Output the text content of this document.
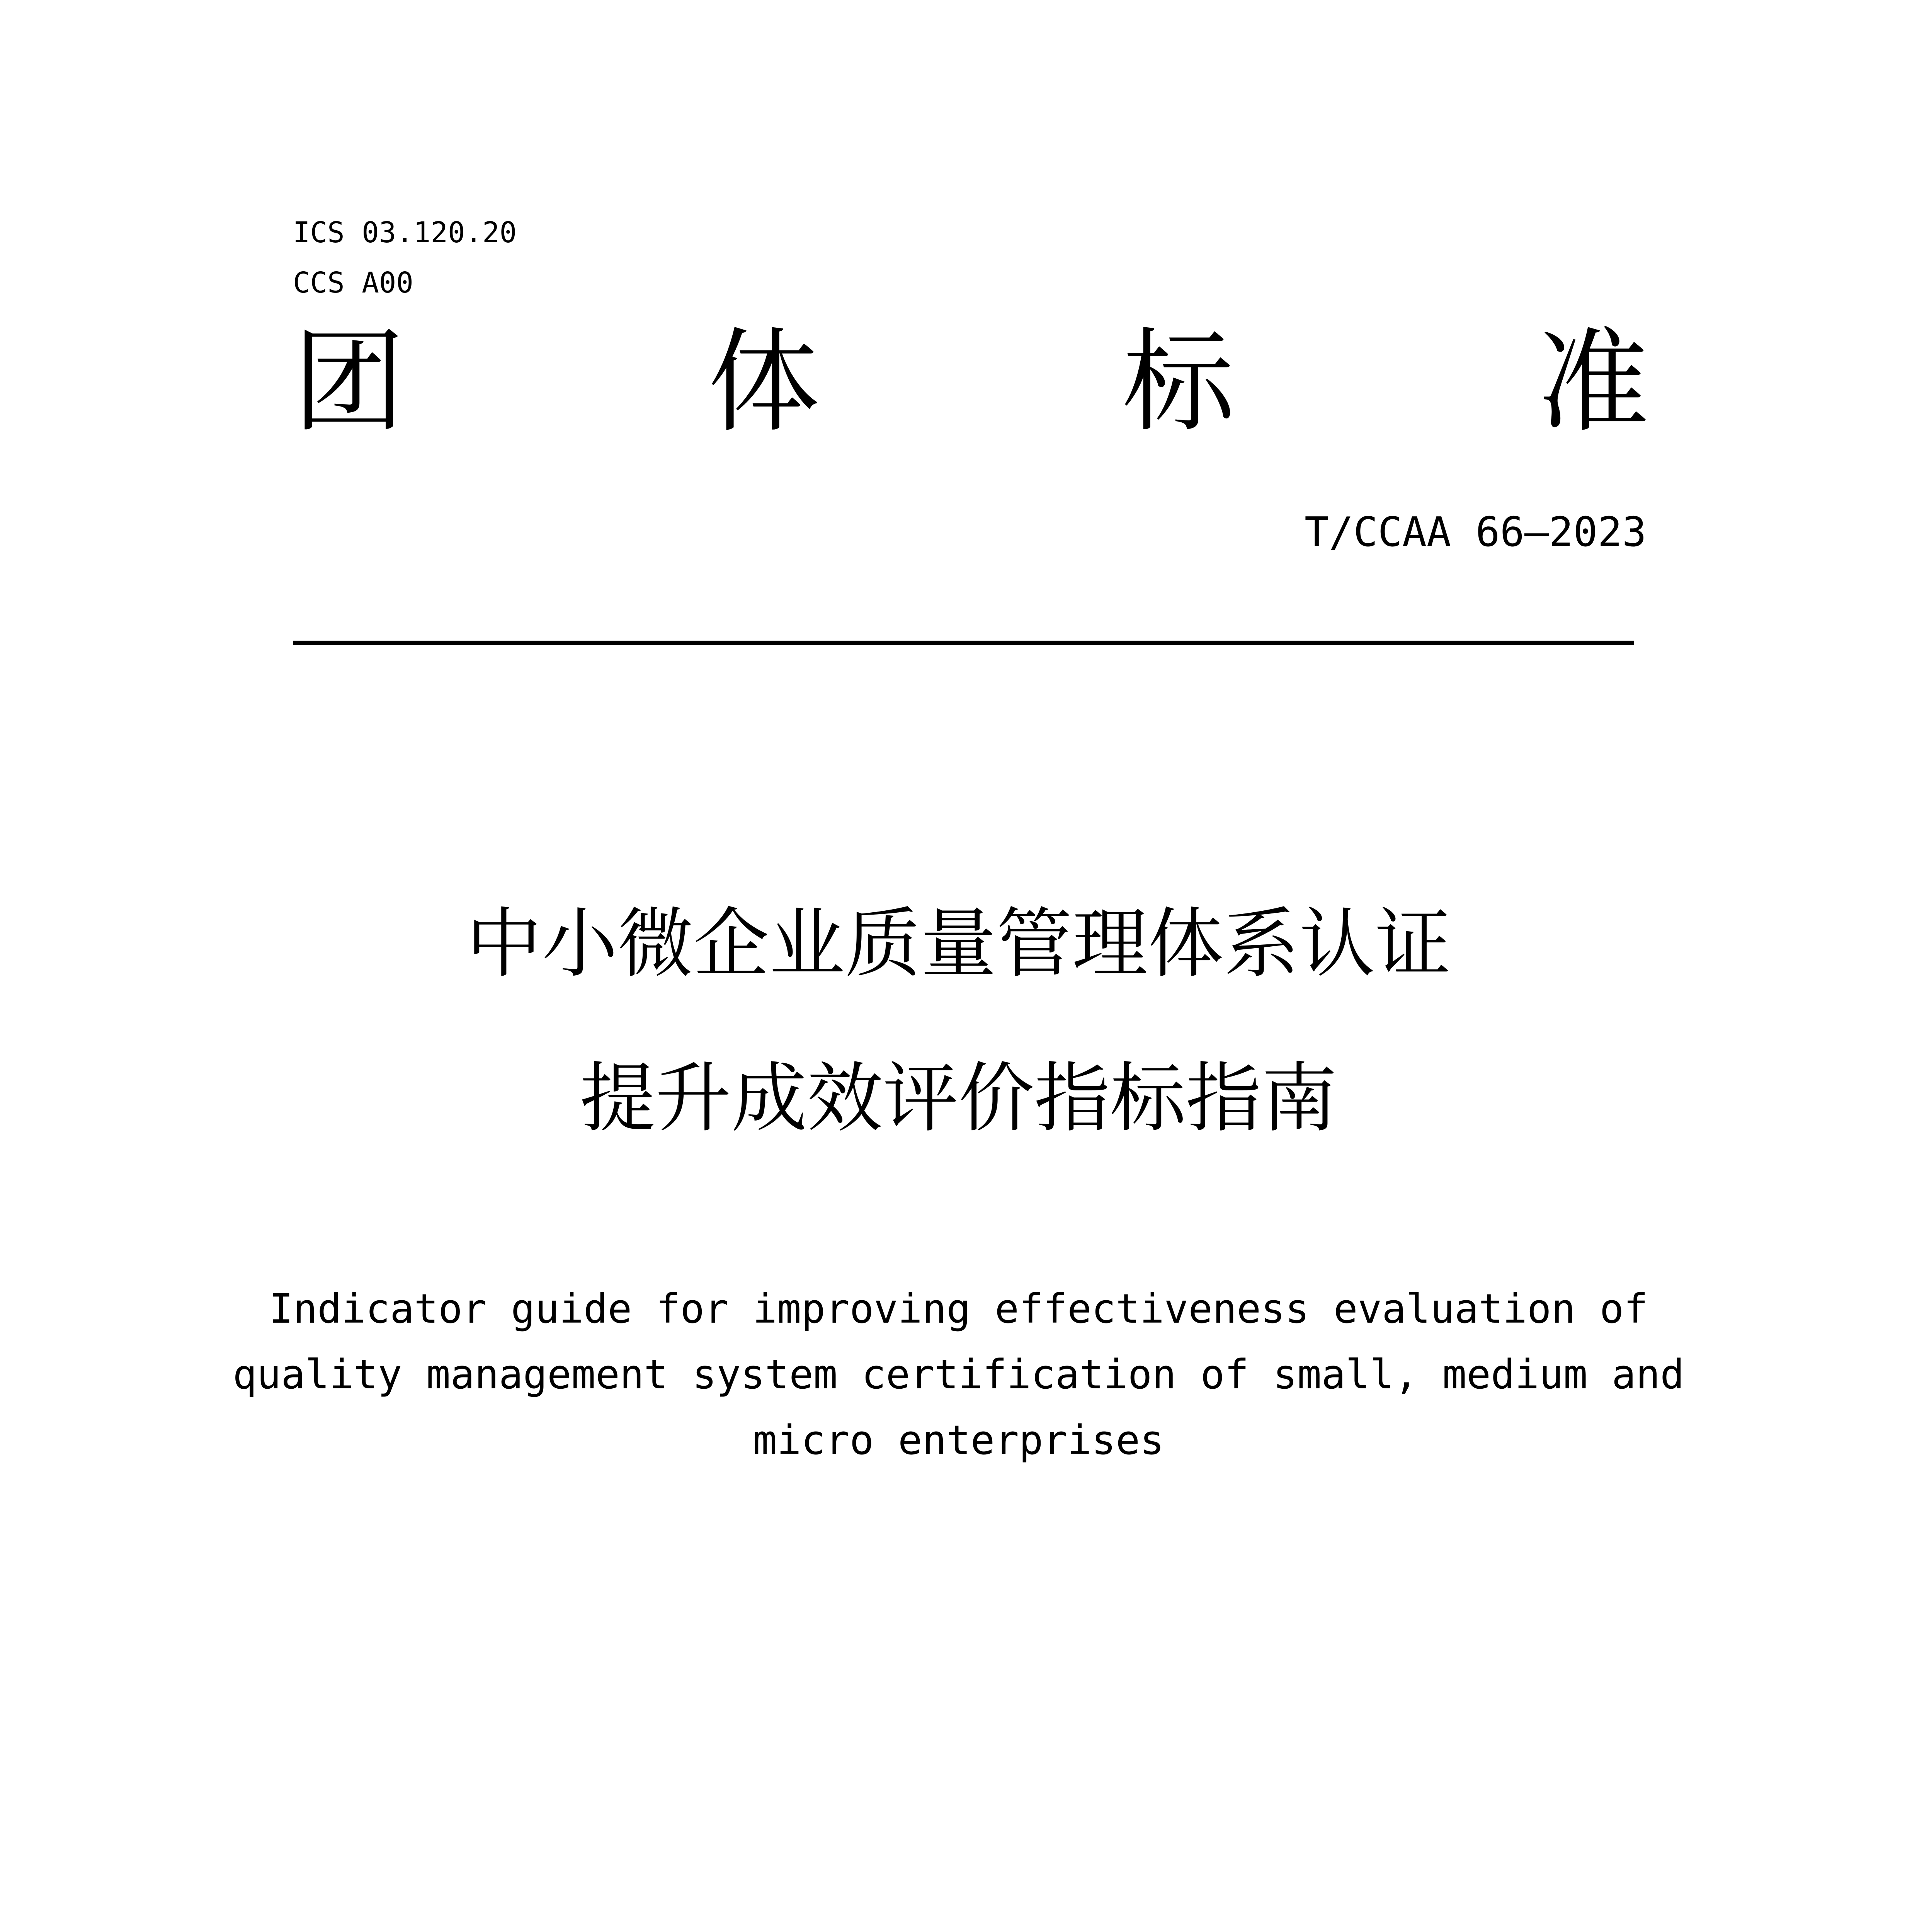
ICS 03.120.20
CCS A00
团	体	标	准
T/CCAA 66—2023
中小微企业质量管理体系认证
提升成效评价指标指南
Indicator guide for improving effectiveness evaluation of
quality management system certification of small, medium and
micro enterprises
